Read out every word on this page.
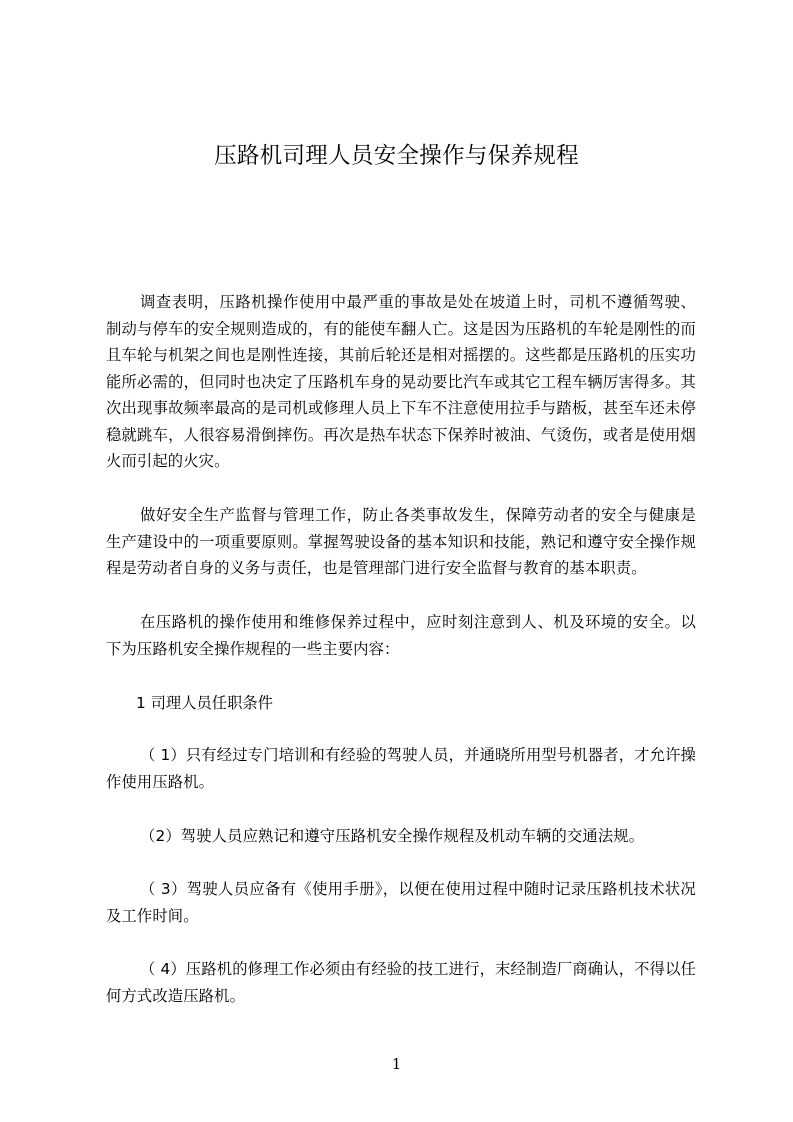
压路机司理人员安全操作与保养规程

调查表明，压路机操作使用中最严重的事故是处在坡道上时，司机不遵循驾驶、制动与停车的安全规则造成的，有的能使车翻人亡。这是因为压路机的车轮是刚性的而且车轮与机架之间也是刚性连接，其前后轮还是相对摇摆的。这些都是压路机的压实功能所必需的，但同时也决定了压路机车身的晃动要比汽车或其它工程车辆厉害得多。其次出现事故频率最高的是司机或修理人员上下车不注意使用拉手与踏板，甚至车还未停稳就跳车，人很容易滑倒摔伤。再次是热车状态下保养时被油、气烫伤，或者是使用烟火而引起的火灾。

做好安全生产监督与管理工作，防止各类事故发生，保障劳动者的安全与健康是生产建设中的一项重要原则。掌握驾驶设备的基本知识和技能，熟记和遵守安全操作规程是劳动者自身的义务与责任，也是管理部门进行安全监督与教育的基本职责。

在压路机的操作使用和维修保养过程中，应时刻注意到人、机及环境的安全。以下为压路机安全操作规程的一些主要内容：

1 司理人员任职条件

（ 1）只有经过专门培训和有经验的驾驶人员，并通晓所用型号机器者，才允许操作使用压路机。

（2）驾驶人员应熟记和遵守压路机安全操作规程及机动车辆的交通法规。

（ 3）驾驶人员应备有《使用手册》，以便在使用过程中随时记录压路机技术状况及工作时间。

（ 4）压路机的修理工作必须由有经验的技工进行，末经制造厂商确认，不得以任何方式改造压路机。

1
